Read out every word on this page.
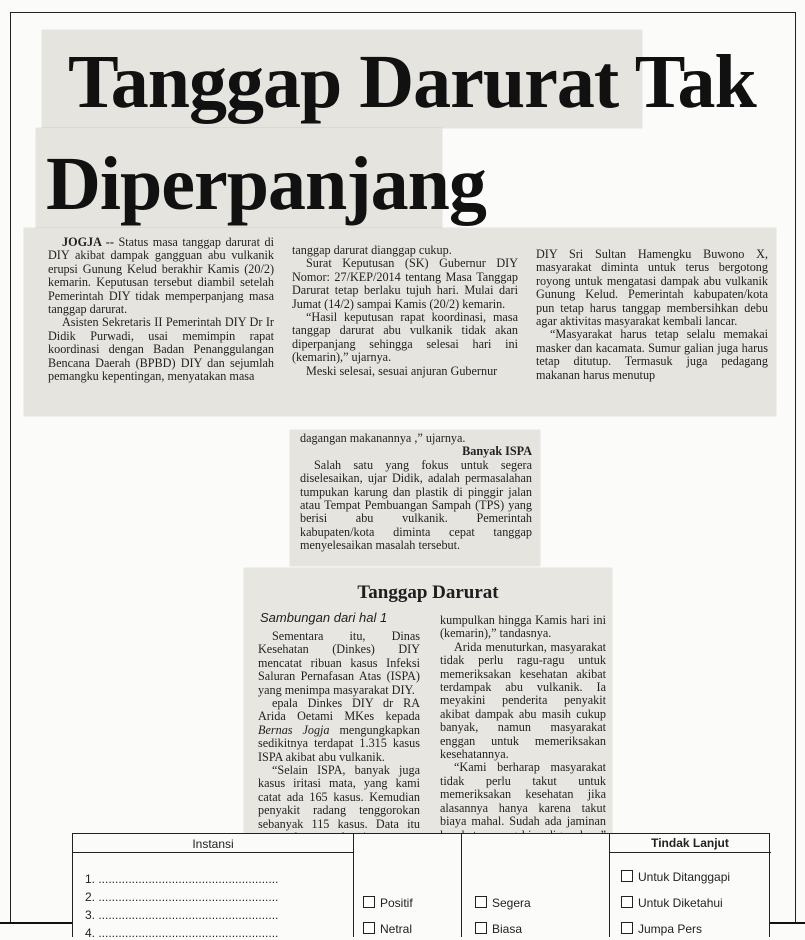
Tanggap Darurat Tak
Diperpanjang

JOGJA -- Status masa tanggap darurat di DIY akibat dampak gangguan abu vulkanik erupsi Gunung Kelud berakhir Kamis (20/2) kemarin. Keputusan tersebut diambil setelah Pemerintah DIY tidak memperpanjang masa tanggap darurat.

Asisten Sekretaris II Pemerintah DIY Dr Ir Didik Purwadi, usai memimpin rapat koordinasi dengan Badan Penanggulangan Bencana Daerah (BPBD) DIY dan sejumlah pemangku kepentingan, menyatakan masa

tanggap darurat dianggap cukup.

Surat Keputusan (SK) Gubernur DIY Nomor: 27/KEP/2014 tentang Masa Tanggap Darurat tetap berlaku tujuh hari. Mulai dari Jumat (14/2) sampai Kamis (20/2) kemarin.

“Hasil keputusan rapat koordinasi, masa tanggap darurat abu vulkanik tidak akan diperpanjang sehingga selesai hari ini (kemarin),” ujarnya.

Meski selesai, sesuai anjuran Gubernur

DIY Sri Sultan Hamengku Buwono X, masyarakat diminta untuk terus bergotong royong untuk mengatasi dampak abu vulkanik Gunung Kelud. Pemerintah kabupaten/kota pun tetap harus tanggap membersihkan debu agar aktivitas masyarakat kembali lancar.

“Masyarakat harus tetap selalu memakai masker dan kacamata. Sumur galian juga harus tetap ditutup. Termasuk juga pedagang makanan harus menutup

dagangan makanannya ,” ujarnya.

Banyak ISPA

Salah satu yang fokus untuk segera diselesaikan, ujar Didik, adalah permasalahan tumpukan karung dan plastik di pinggir jalan atau Tempat Pembuangan Sampah (TPS) yang berisi abu vulkanik. Pemerintah kabupaten/kota diminta cepat tanggap menyelesaikan masalah tersebut.

Tanggap Darurat
Sambungan dari hal 1

Sementara itu, Dinas Kesehatan (Dinkes) DIY mencatat ribuan kasus Infeksi Saluran Pernafasan Atas (ISPA) yang menimpa masyarakat DIY.

epala Dinkes DIY dr RA Arida Oetami MKes kepada Bernas Jogja mengungkapkan sedikitnya terdapat 1.315 kasus ISPA akibat abu vulkanik.

“Selain ISPA, banyak juga kasus iritasi mata, yang kami catat ada 165 kasus. Kemudian penyakit radang tenggorokan sebanyak 115 kasus. Data itu

kumpulkan hingga Kamis hari ini (kemarin),” tandasnya.

Arida menuturkan, masyarakat tidak perlu ragu-ragu untuk memeriksakan kesehatan akibat terdampak abu vulkanik. Ia meyakini penderita penyakit akibat dampak abu masih cukup banyak, namun masyarakat enggan untuk memeriksakan kesehatannya.

“Kami berharap masyarakat tidak perlu takut untuk memeriksakan kesehatan jika alasannya hanya karena takut biaya mahal. Sudah ada jaminan

Instansi	Tindak Lanjut
1. ......................................................
2. ......................................................
3. ......................................................
4. ......................................................
Positif
Netral
Segera
Biasa
Untuk Ditanggapi
Untuk Diketahui
Jumpa Pers
